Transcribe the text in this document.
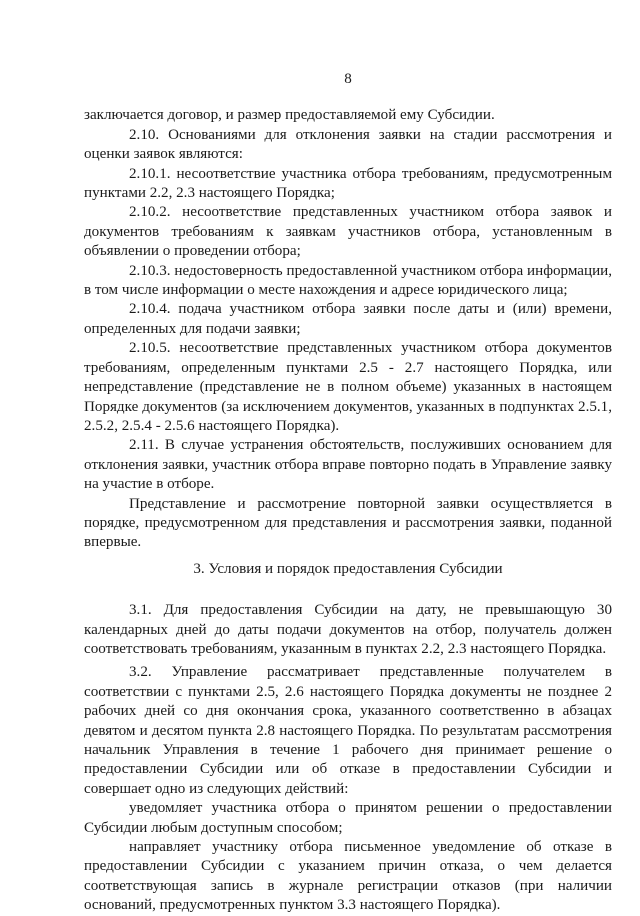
8

заключается договор, и размер предоставляемой ему Субсидии.

2.10. Основаниями для отклонения заявки на стадии рассмотрения и оценки заявок являются:

2.10.1. несоответствие участника отбора требованиям, предусмотренным пунктами 2.2, 2.3 настоящего Порядка;

2.10.2. несоответствие представленных участником отбора заявок и документов требованиям к заявкам участников отбора, установленным в объявлении о проведении отбора;

2.10.3. недостоверность предоставленной участником отбора информации, в том числе информации о месте нахождения и адресе юридического лица;

2.10.4. подача участником отбора заявки после даты и (или) времени, определенных для подачи заявки;

2.10.5. несоответствие представленных участником отбора документов требованиям, определенным пунктами 2.5 - 2.7 настоящего Порядка, или непредставление (представление не в полном объеме) указанных в настоящем Порядке документов (за исключением документов, указанных в подпунктах 2.5.1, 2.5.2, 2.5.4 - 2.5.6 настоящего Порядка).

2.11. В случае устранения обстоятельств, послуживших основанием для отклонения заявки, участник отбора вправе повторно подать в Управление заявку на участие в отборе.

Представление и рассмотрение повторной заявки осуществляется в порядке, предусмотренном для представления и рассмотрения заявки, поданной впервые.

3. Условия и порядок предоставления Субсидии

3.1. Для предоставления Субсидии на дату, не превышающую 30 календарных дней до даты подачи документов на отбор, получатель должен соответствовать требованиям, указанным в пунктах 2.2, 2.3 настоящего Порядка.

3.2. Управление рассматривает представленные получателем в соответствии с пунктами 2.5, 2.6 настоящего Порядка документы не позднее 2 рабочих дней со дня окончания срока, указанного соответственно в абзацах девятом и десятом пункта 2.8 настоящего Порядка. По результатам рассмотрения начальник Управления в течение 1 рабочего дня принимает решение о предоставлении Субсидии или об отказе в предоставлении Субсидии и совершает одно из следующих действий:

уведомляет участника отбора о принятом решении о предоставлении Субсидии любым доступным способом;

направляет участнику отбора письменное уведомление об отказе в предоставлении Субсидии с указанием причин отказа, о чем делается соответствующая запись в журнале регистрации отказов (при наличии оснований, предусмотренных пунктом 3.3 настоящего Порядка).
